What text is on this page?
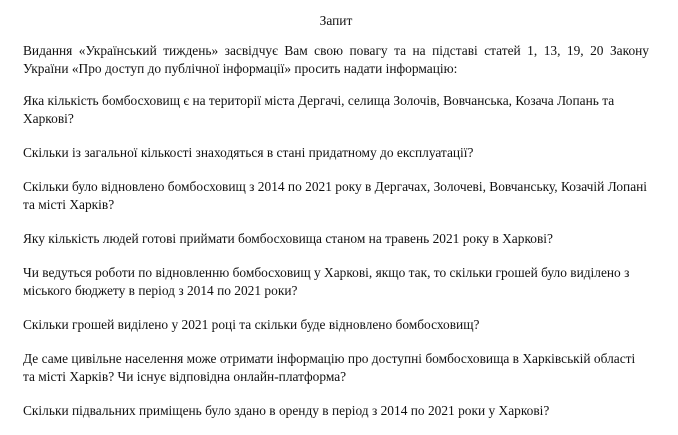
Запит

Видання «Український тиждень» засвідчує Вам свою повагу та на підставі статей 1, 13, 19, 20 Закону України «Про доступ до публічної інформації» просить надати інформацію:

Яка кількість бомбосховищ є на території міста Дергачі, селища Золочів, Вовчанська, Козача Лопань та
Харкові?

Скільки із загальної кількості знаходяться в стані придатному до експлуатації?

Скільки було відновлено бомбосховищ з 2014 по 2021 року в Дергачах, Золочеві, Вовчанську, Козачій Лопані
та місті Харків?

Яку кількість людей готові приймати бомбосховища станом на травень 2021 року в Харкові?

Чи ведуться роботи по відновленню бомбосховищ у Харкові, якщо так, то скільки грошей було виділено з
міського бюджету в період з 2014 по 2021 роки?

Скільки грошей виділено у 2021 році та скільки буде відновлено бомбосховищ?

Де саме цивільне населення може отримати інформацію про доступні бомбосховища в Харківській області
та місті Харків? Чи існує відповідна онлайн-платформа?

Скільки підвальних приміщень було здано в оренду в період з 2014 по 2021 роки у Харкові?
